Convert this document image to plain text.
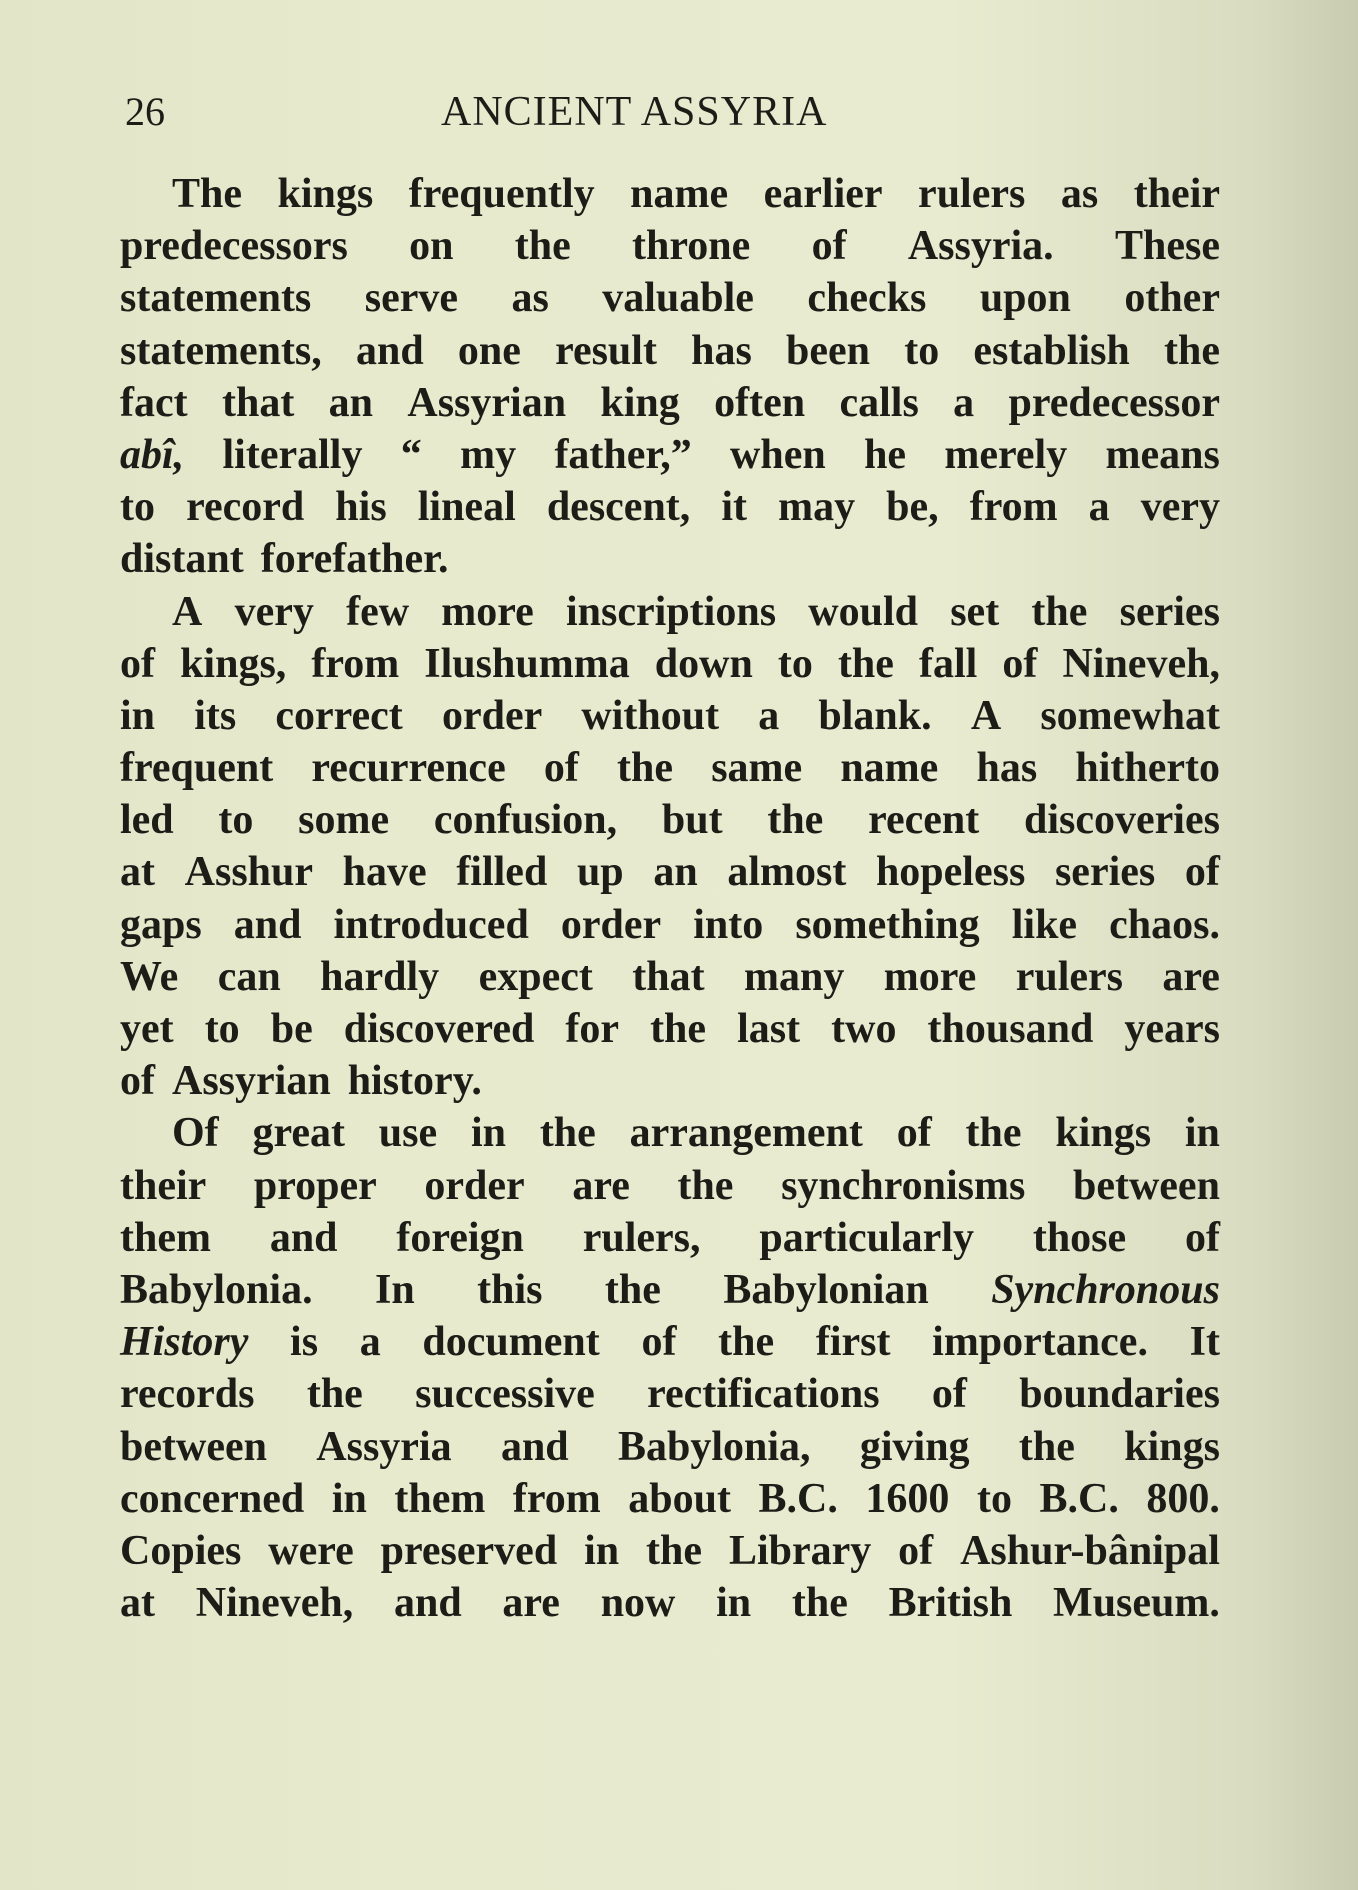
26	ANCIENT ASSYRIA
The kings frequently name earlier rulers as their
predecessors on the throne of Assyria. These
statements serve as valuable checks upon other
statements, and one result has been to establish the
fact that an Assyrian king often calls a predecessor
abî, literally “ my father,” when he merely means
to record his lineal descent, it may be, from a very
distant forefather.
A very few more inscriptions would set the series
of kings, from Ilushumma down to the fall of Nineveh,
in its correct order without a blank. A somewhat
frequent recurrence of the same name has hitherto
led to some confusion, but the recent discoveries
at Asshur have filled up an almost hopeless series of
gaps and introduced order into something like chaos.
We can hardly expect that many more rulers are
yet to be discovered for the last two thousand years
of Assyrian history.
Of great use in the arrangement of the kings in
their proper order are the synchronisms between
them and foreign rulers, particularly those of
Babylonia. In this the Babylonian Synchronous
History is a document of the first importance. It
records the successive rectifications of boundaries
between Assyria and Babylonia, giving the kings
concerned in them from about B.C. 1600 to B.C. 800.
Copies were preserved in the Library of Ashur-bânipal
at Nineveh, and are now in the British Museum.
